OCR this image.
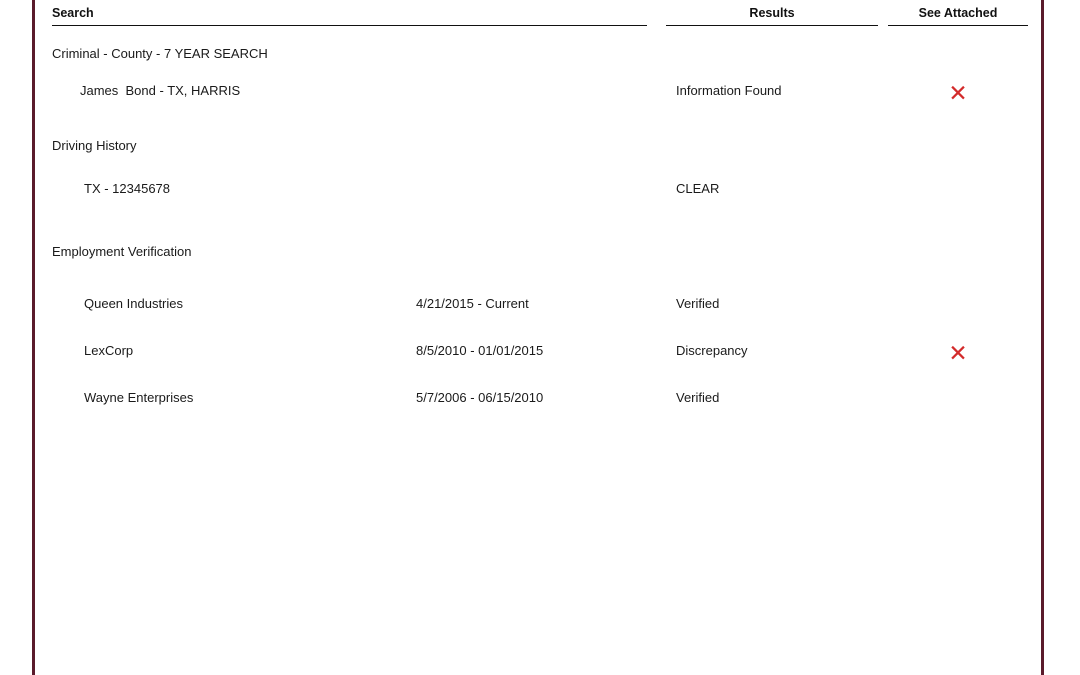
Search	Results	See Attached
Criminal - County - 7 YEAR SEARCH
James  Bond - TX, HARRIS	Information Found	✕
Driving History
TX - 12345678	CLEAR
Employment Verification
Queen Industries	4/21/2015 - Current	Verified
LexCorp	8/5/2010 - 01/01/2015	Discrepancy	✕
Wayne Enterprises	5/7/2006 - 06/15/2010	Verified
